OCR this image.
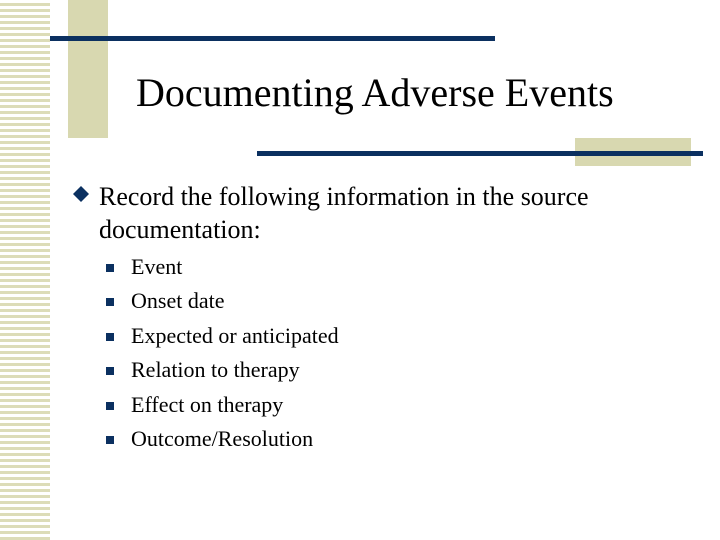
Documenting Adverse Events
Record the following information in the source documentation:
Event
Onset date
Expected or anticipated
Relation to therapy
Effect on therapy
Outcome/Resolution
